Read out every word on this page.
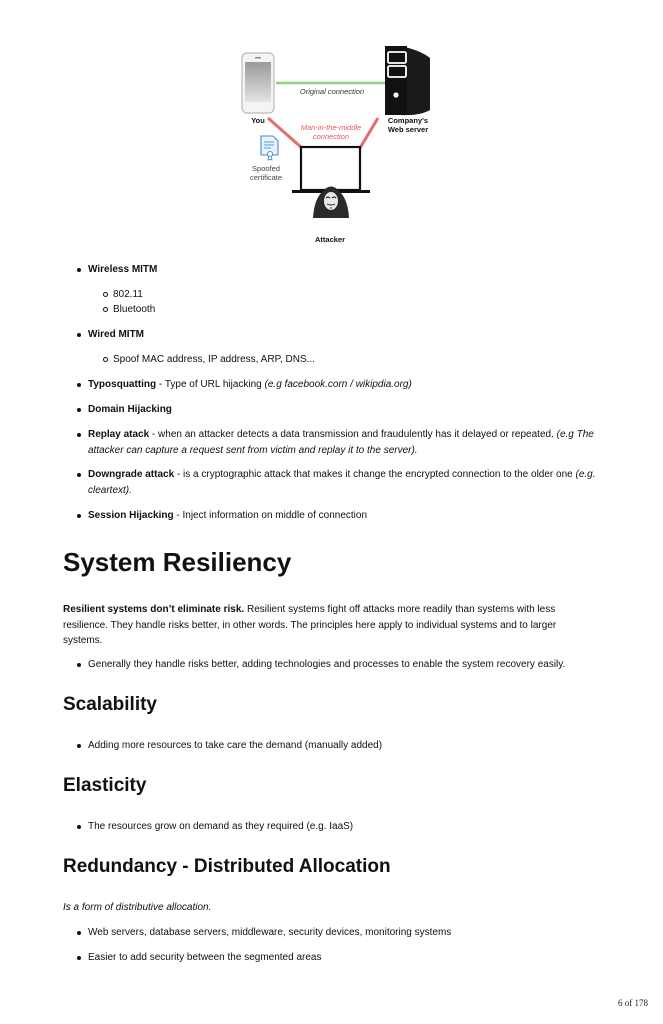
You	Company's
Web server
Original connection
Man-in-the-middle
connection
Spoofed
certificate
Attacker
Wireless MITM
802.11
Bluetooth
Wired MITM
Spoof MAC address, IP address, ARP, DNS...
Typosquatting - Type of URL hijacking (e.g facebook.corn / wikipdia.org)
Domain Hijacking
Replay atack - when an attacker detects a data transmission and fraudulently has it delayed or repeated. (e.g The attacker can capture a request sent from victim and replay it to the server).
Downgrade attack - is a cryptographic attack that makes it change the encrypted connection to the older one (e.g. cleartext).
Session Hijacking - Inject information on middle of connection
System Resiliency

Resilient systems don’t eliminate risk. Resilient systems fight off attacks more readily than systems with less resilience. They handle risks better, in other words. The principles here apply to individual systems and to larger systems.

Generally they handle risks better, adding technologies and processes to enable the system recovery easily.
Scalability
Adding more resources to take care the demand (manually added)
Elasticity
The resources grow on demand as they required (e.g. IaaS)
Redundancy - Distributed Allocation

Is a form of distributive allocation.

Web servers, database servers, middleware, security devices, monitoring systems
Easier to add security between the segmented areas
6 of 178
